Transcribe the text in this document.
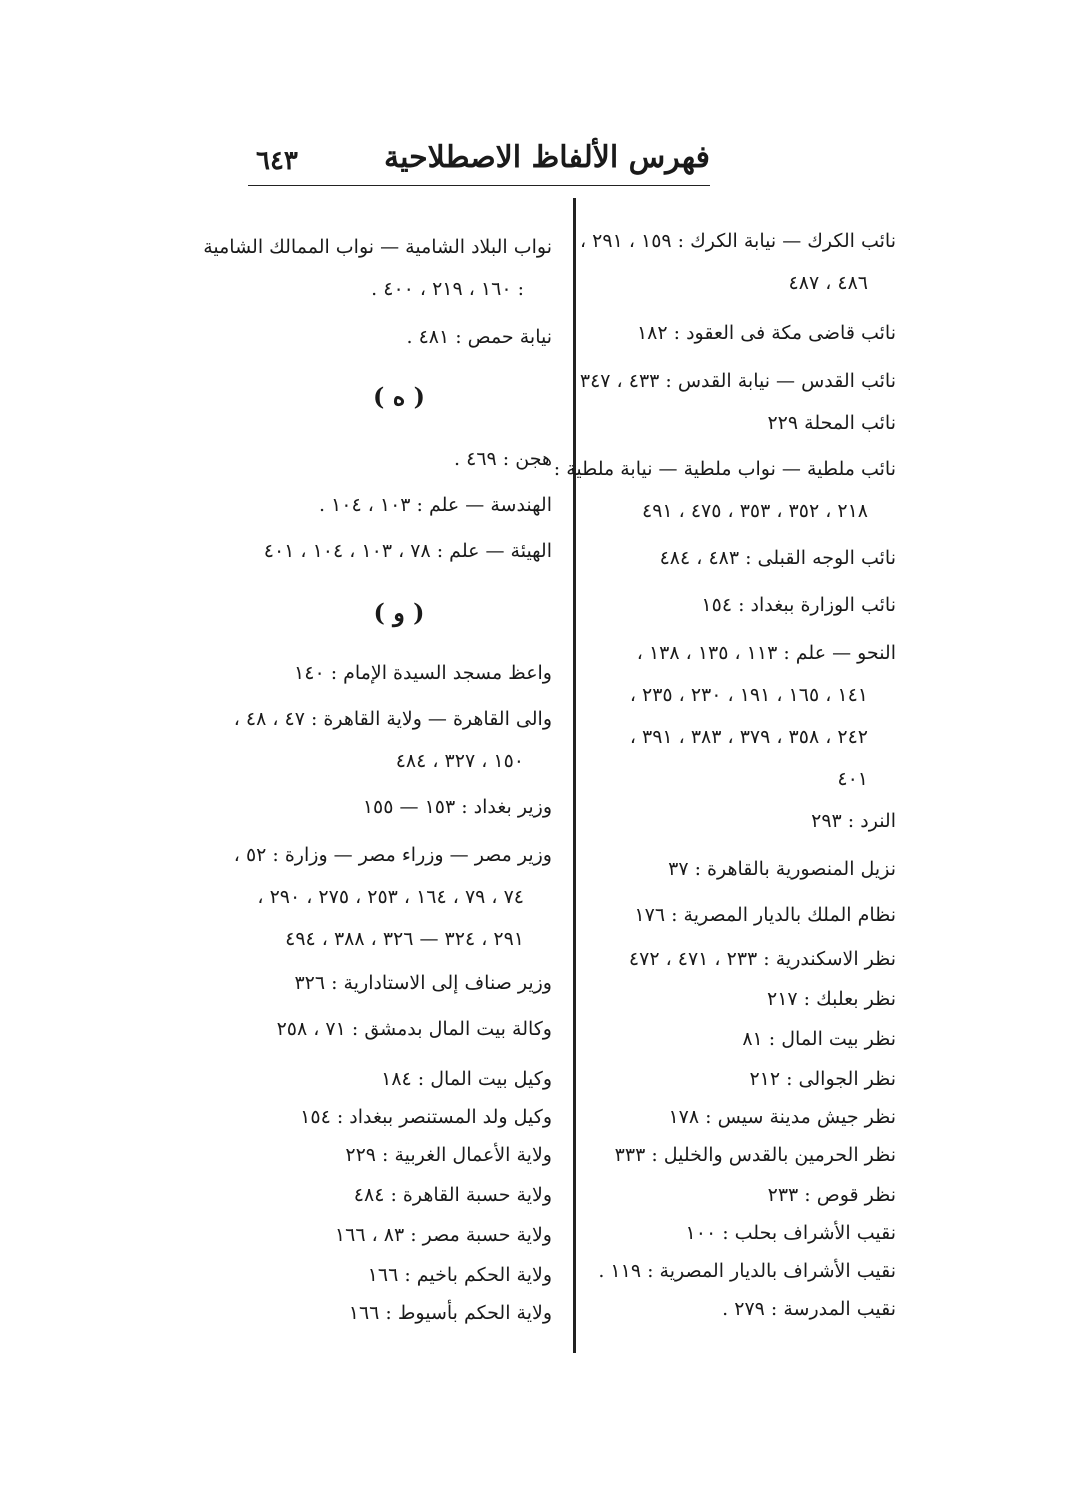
٦٤٣	فهرس الألفاظ الاصطلاحية
نائب الكرك — نيابة الكرك : ١٥٩ ، ٢٩١ ،
٤٨٦ ، ٤٨٧
نائب قاضى مكة فى العقود : ١٨٢
نائب القدس — نيابة القدس : ٤٣٣ ، ٣٤٧
نائب المحلة ٢٢٩
نائب ملطية — نواب ملطية — نيابة ملطية :
٢١٨ ، ٣٥٢ ، ٣٥٣ ، ٤٧٥ ، ٤٩١
نائب الوجه القبلى : ٤٨٣ ، ٤٨٤
نائب الوزارة ببغداد : ١٥٤
النحو — علم : ١١٣ ، ١٣٥ ، ١٣٨ ،
١٤١ ، ١٦٥ ، ١٩١ ، ٢٣٠ ، ٢٣٥ ،
٢٤٢ ، ٣٥٨ ، ٣٧٩ ، ٣٨٣ ، ٣٩١ ،
٤٠١
النرد : ٢٩٣
نزيل المنصورية بالقاهرة : ٣٧
نظام الملك بالديار المصرية : ١٧٦
نظر الاسكندرية : ٢٣٣ ، ٤٧١ ، ٤٧٢
نظر بعلبك : ٢١٧
نظر بيت المال : ٨١
نظر الجوالى : ٢١٢
نظر جيش مدينة سيس : ١٧٨
نظر الحرمين بالقدس والخليل : ٣٣٣
نظر قوص : ٢٣٣
نقيب الأشراف بحلب : ١٠٠
نقيب الأشراف بالديار المصرية : ١١٩ .
نقيب المدرسة : ٢٧٩ .
نواب البلاد الشامية — نواب الممالك الشامية
: ١٦٠ ، ٢١٩ ، ٤٠٠ .
نيابة حمص : ٤٨١ .
( ه )
هجن : ٤٦٩ .
الهندسة — علم : ١٠٣ ، ١٠٤ .
الهيئة — علم : ٧٨ ، ١٠٣ ، ١٠٤ ، ٤٠١
( و )
واعظ مسجد السيدة الإمام : ١٤٠
والى القاهرة — ولاية القاهرة : ٤٧ ، ٤٨ ،
١٥٠ ، ٣٢٧ ، ٤٨٤
وزير بغداد : ١٥٣ — ١٥٥
وزير مصر — وزراء مصر — وزارة : ٥٢ ،
٧٤ ، ٧٩ ، ١٦٤ ، ٢٥٣ ، ٢٧٥ ، ٢٩٠ ،
٢٩١ ، ٣٢٤ — ٣٢٦ ، ٣٨٨ ، ٤٩٤
وزير صناف إلى الاستادارية : ٣٢٦
وكالة بيت المال بدمشق : ٧١ ، ٢٥٨
وكيل بيت المال : ١٨٤
وكيل ولد المستنصر ببغداد : ١٥٤
ولاية الأعمال الغربية : ٢٢٩
ولاية حسبة القاهرة : ٤٨٤
ولاية حسبة مصر : ٨٣ ، ١٦٦
ولاية الحكم باخيم : ١٦٦
ولاية الحكم بأسيوط : ١٦٦
